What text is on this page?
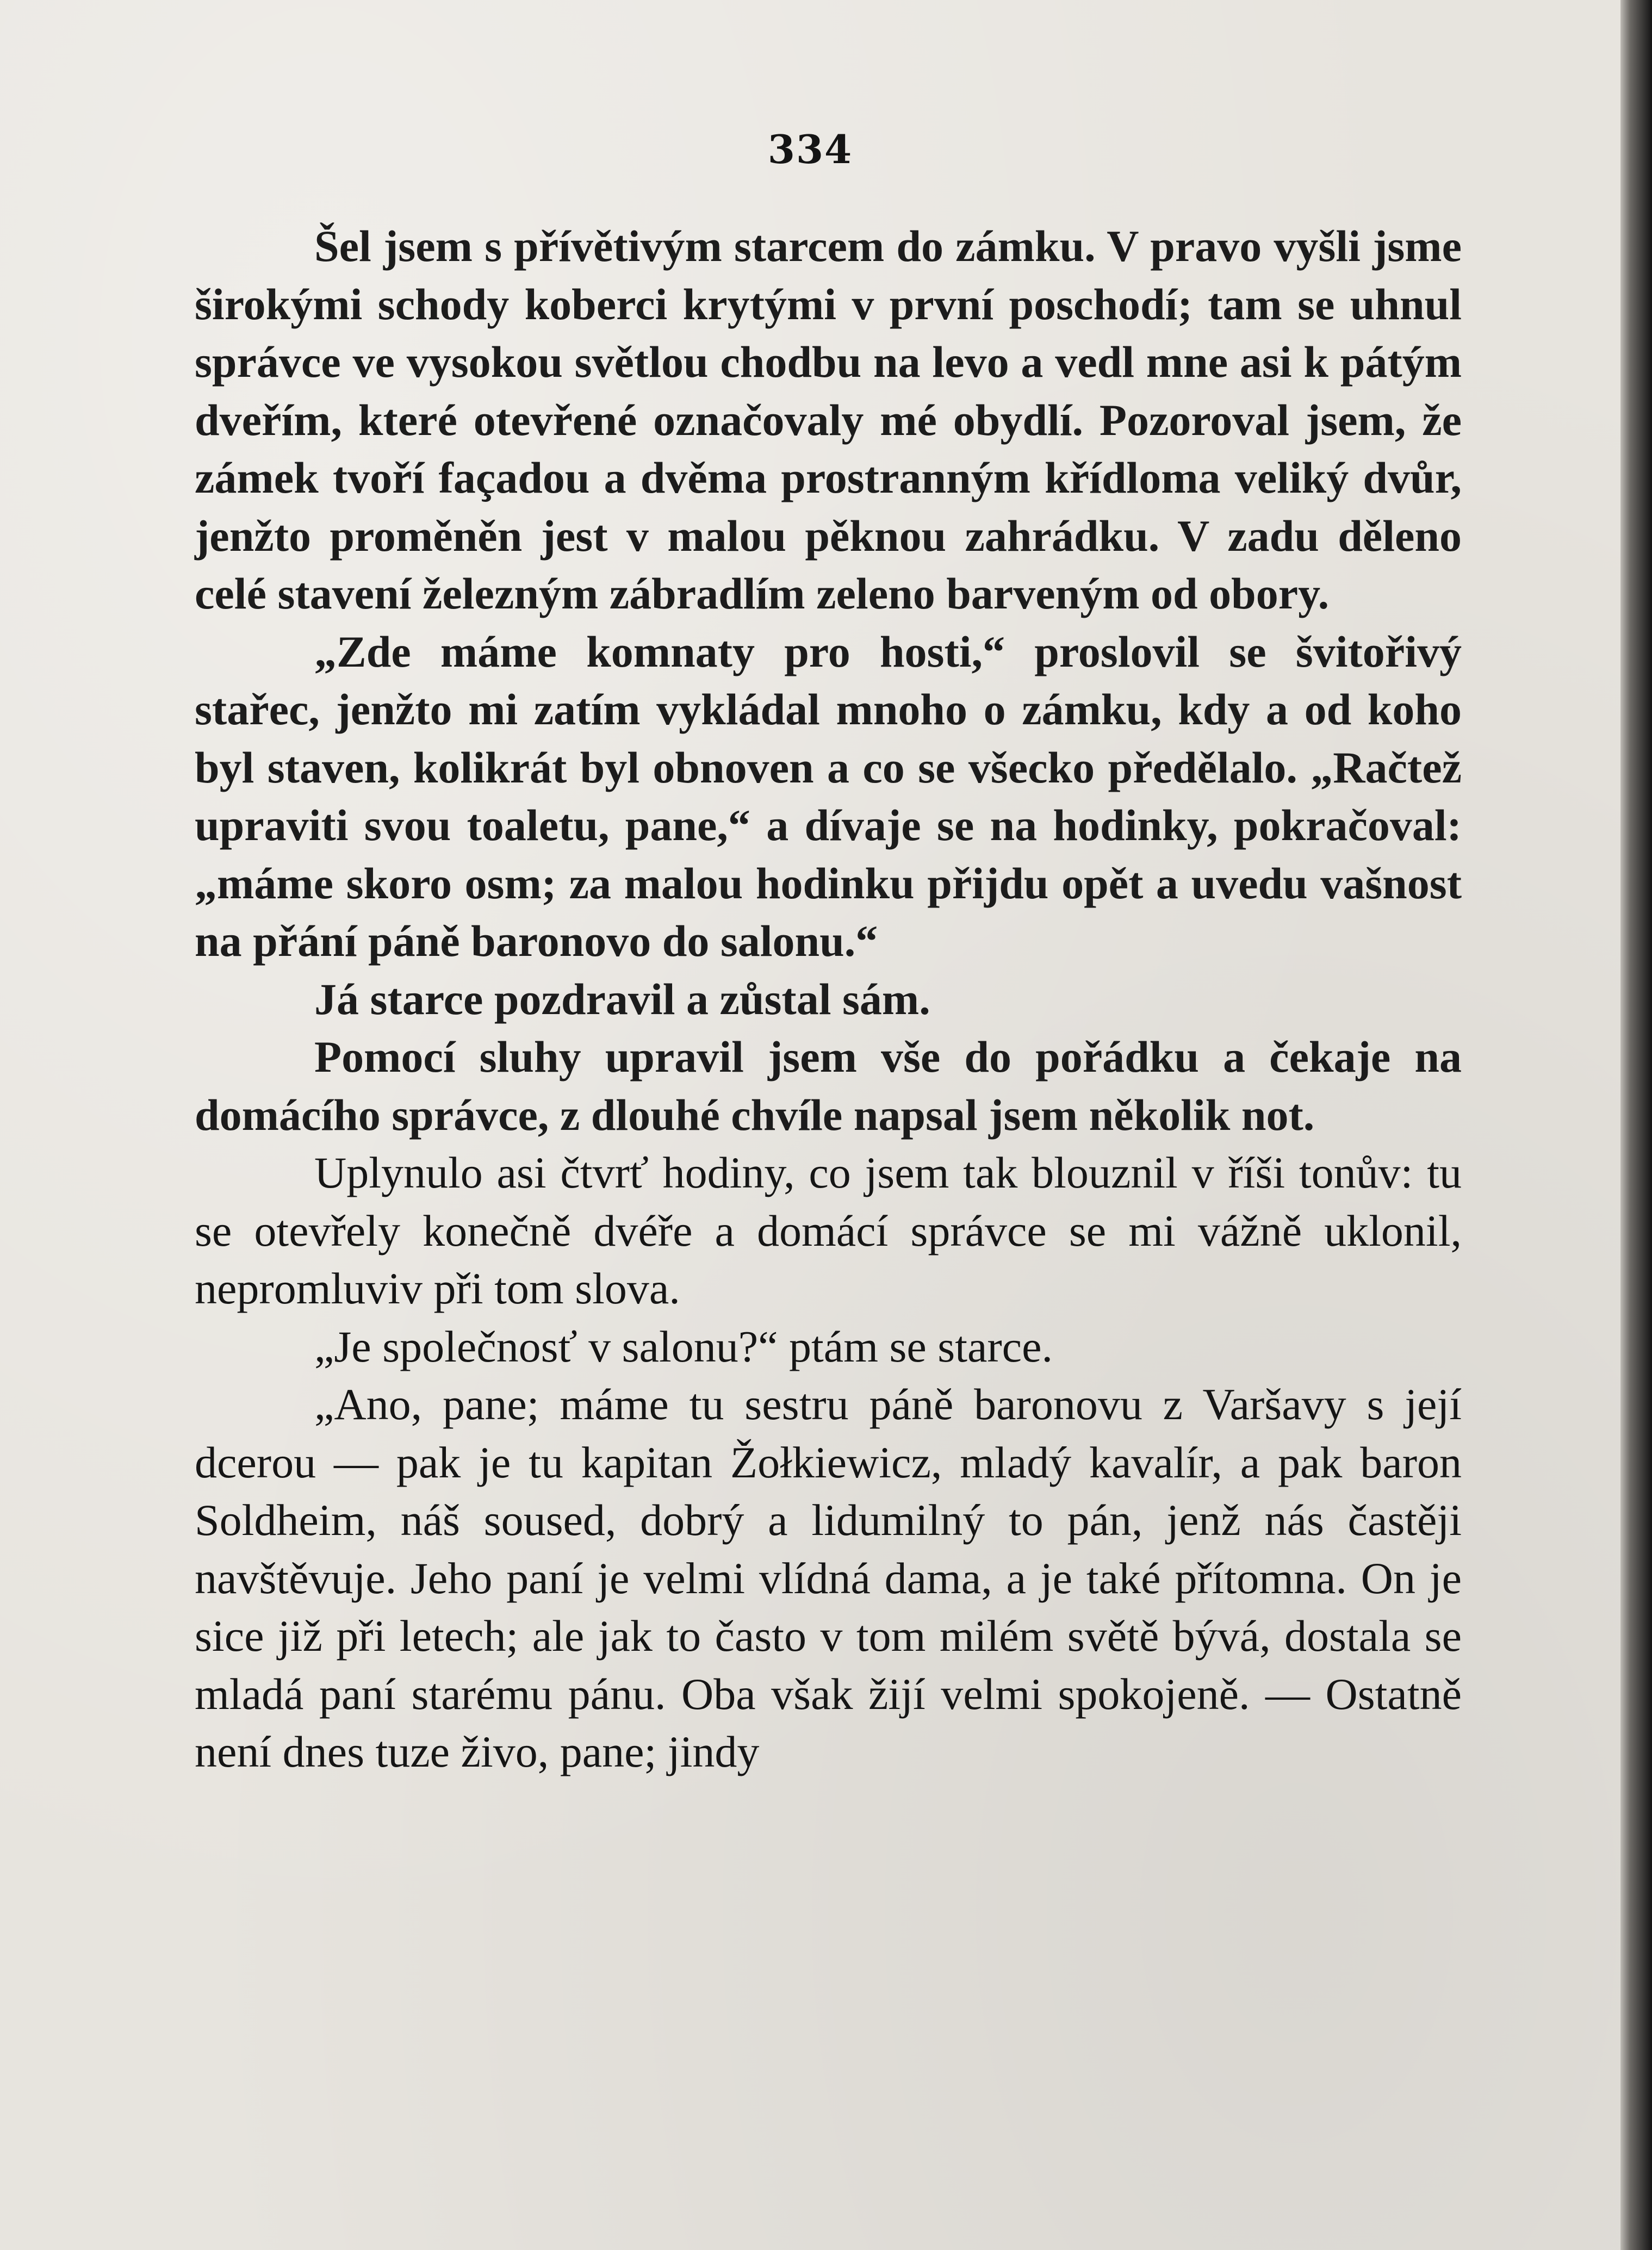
334

Šel jsem s přívětivým starcem do zámku. V pravo vyšli jsme širokými schody koberci krytými v první poschodí; tam se uhnul správce ve vysokou světlou chodbu na levo a vedl mne asi k pátým dveřím, které otevřené označovaly mé obydlí. Pozoroval jsem, že zámek tvoří façadou a dvěma prostranným křídloma veliký dvůr, jenžto proměněn jest v malou pěknou zahrádku. V zadu děleno celé stavení železným zábradlím zeleno barveným od obory.

„Zde máme komnaty pro hosti,“ proslovil se švitořivý stařec, jenžto mi zatím vykládal mnoho o zámku, kdy a od koho byl staven, kolikrát byl obnoven a co se všecko předělalo. „Račtež upraviti svou toaletu, pane,“ a dívaje se na hodinky, pokračoval: „máme skoro osm; za malou hodinku přijdu opět a uvedu vašnost na přání páně baronovo do salonu.“

Já starce pozdravil a zůstal sám.

Pomocí sluhy upravil jsem vše do pořádku a čekaje na domácího správce, z dlouhé chvíle napsal jsem několik not.

Uplynulo asi čtvrť hodiny, co jsem tak blouznil v říši tonův: tu se otevřely konečně dvéře a domácí správce se mi vážně uklonil, nepromluviv při tom slova.

„Je společnosť v salonu?“ ptám se starce.

„Ano, pane; máme tu sestru páně baronovu z Varšavy s její dcerou — pak je tu kapitan Žołkiewicz, mladý kavalír, a pak baron Soldheim, náš soused, dobrý a lidumilný to pán, jenž nás častěji navštěvuje. Jeho paní je velmi vlídná dama, a je také přítomna. On je sice již při letech; ale jak to často v tom milém světě bývá, dostala se mladá paní starému pánu. Oba však žijí velmi spokojeně. — Ostatně není dnes tuze živo, pane; jindy
